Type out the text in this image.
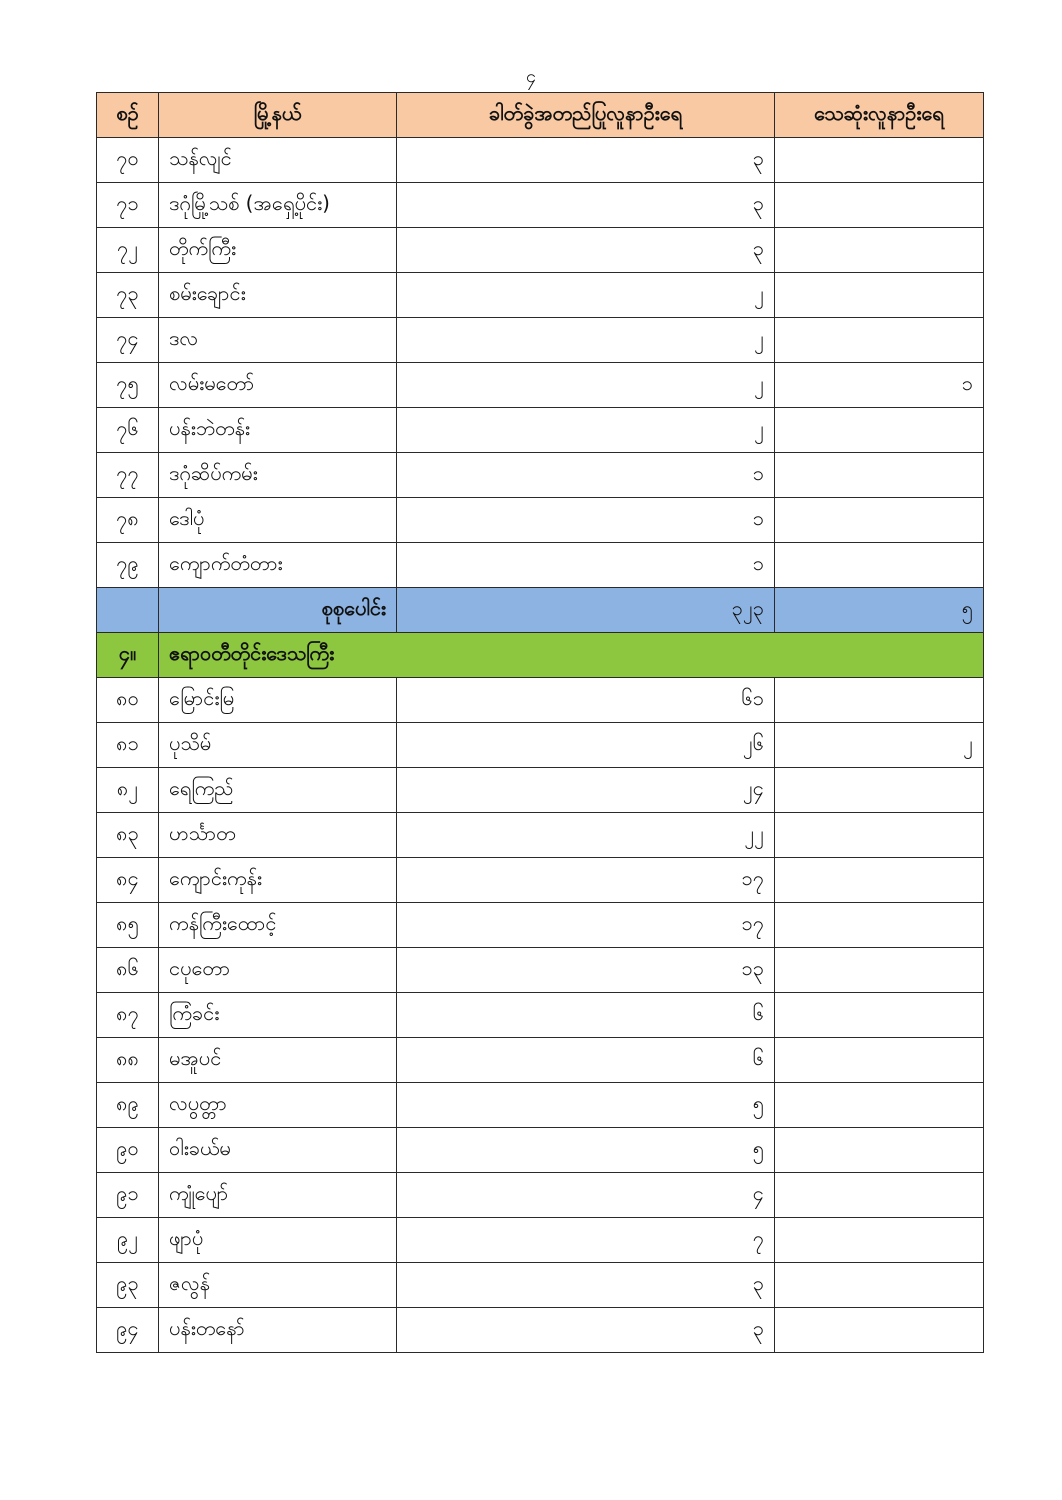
၄
စဉ်	မြို့နယ်	ခါတ်ခွဲအတည်ပြုလူနာဦးရေ	သေဆုံးလူနာဦးရေ
၇၀	သန်လျင်	၃	
၇၁	ဒဂုံမြို့သစ် (အရှေ့ပိုင်း)	၃	
၇၂	တိုက်ကြီး	၃	
၇၃	စမ်းချောင်း	၂	
၇၄	ဒလ	၂	
၇၅	လမ်းမတော်	၂	၁
၇၆	ပန်းဘဲတန်း	၂	
၇၇	ဒဂုံဆိပ်ကမ်း	၁	
၇၈	ဒေါပုံ	၁	
၇၉	ကျောက်တံတား	၁	
	စုစုပေါင်း	၃၂၃	၅
၄။	ဧရာဝတီတိုင်းဒေသကြီး		
၈၀	မြောင်းမြ	၆၁	
၈၁	ပုသိမ်	၂၆	၂
၈၂	ရေကြည်	၂၄	
၈၃	ဟင်္သာတ	၂၂	
၈၄	ကျောင်းကုန်း	၁၇	
၈၅	ကန်ကြီးထောင့်	၁၇	
၈၆	ငပုတော	၁၃	
၈၇	ကြံခင်း	၆	
၈၈	မအူပင်	၆	
၈၉	လပွတ္တာ	၅	
၉၀	ဝါးခယ်မ	၅	
၉၁	ကျုံပျော်	၄	
၉၂	ဖျာပုံ	၇	
၉၃	ဇလွန်	၃	
၉၄	ပန်းတနော်	၃	
